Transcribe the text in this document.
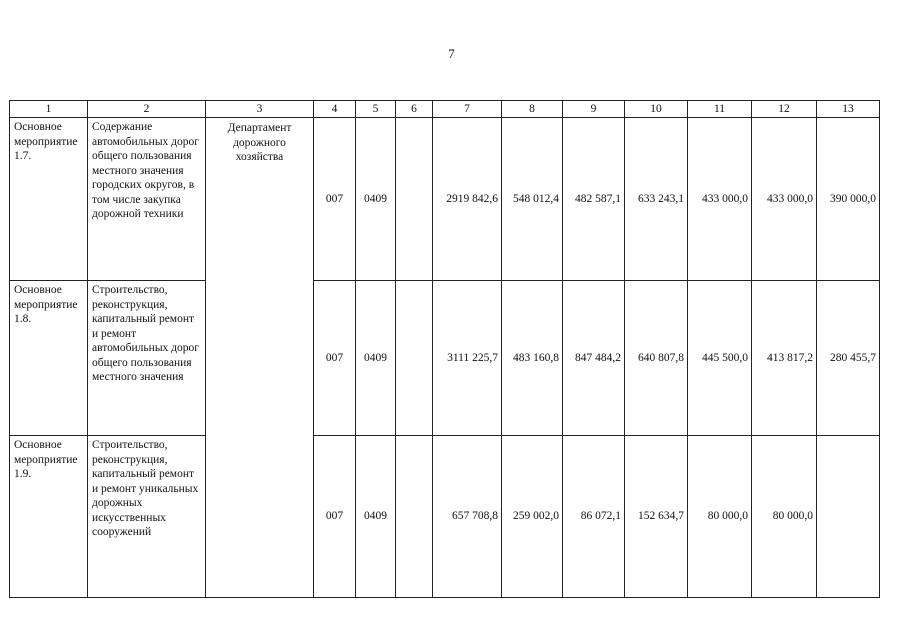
7
1	2	3	4	5	6	7	8	9	10	11	12	13
Основное мероприятие 1.7.	Содержание автомобильных дорог общего пользования местного значения городских округов, в том числе закупка дорожной техники	Департамент дорожного хозяйства	007	0409		2919 842,6	548 012,4	482 587,1	633 243,1	433 000,0	433 000,0	390 000,0
Основное мероприятие 1.8.	Строительство, реконструкция, капитальный ремонт и ремонт автомобильных дорог общего пользования местного значения		007	0409		3111 225,7	483 160,8	847 484,2	640 807,8	445 500,0	413 817,2	280 455,7
Основное мероприятие 1.9.	Строительство, реконструкция, капитальный ремонт и ремонт уникальных дорожных искусственных сооружений		007	0409		657 708,8	259 002,0	86 072,1	152 634,7	80 000,0	80 000,0	
